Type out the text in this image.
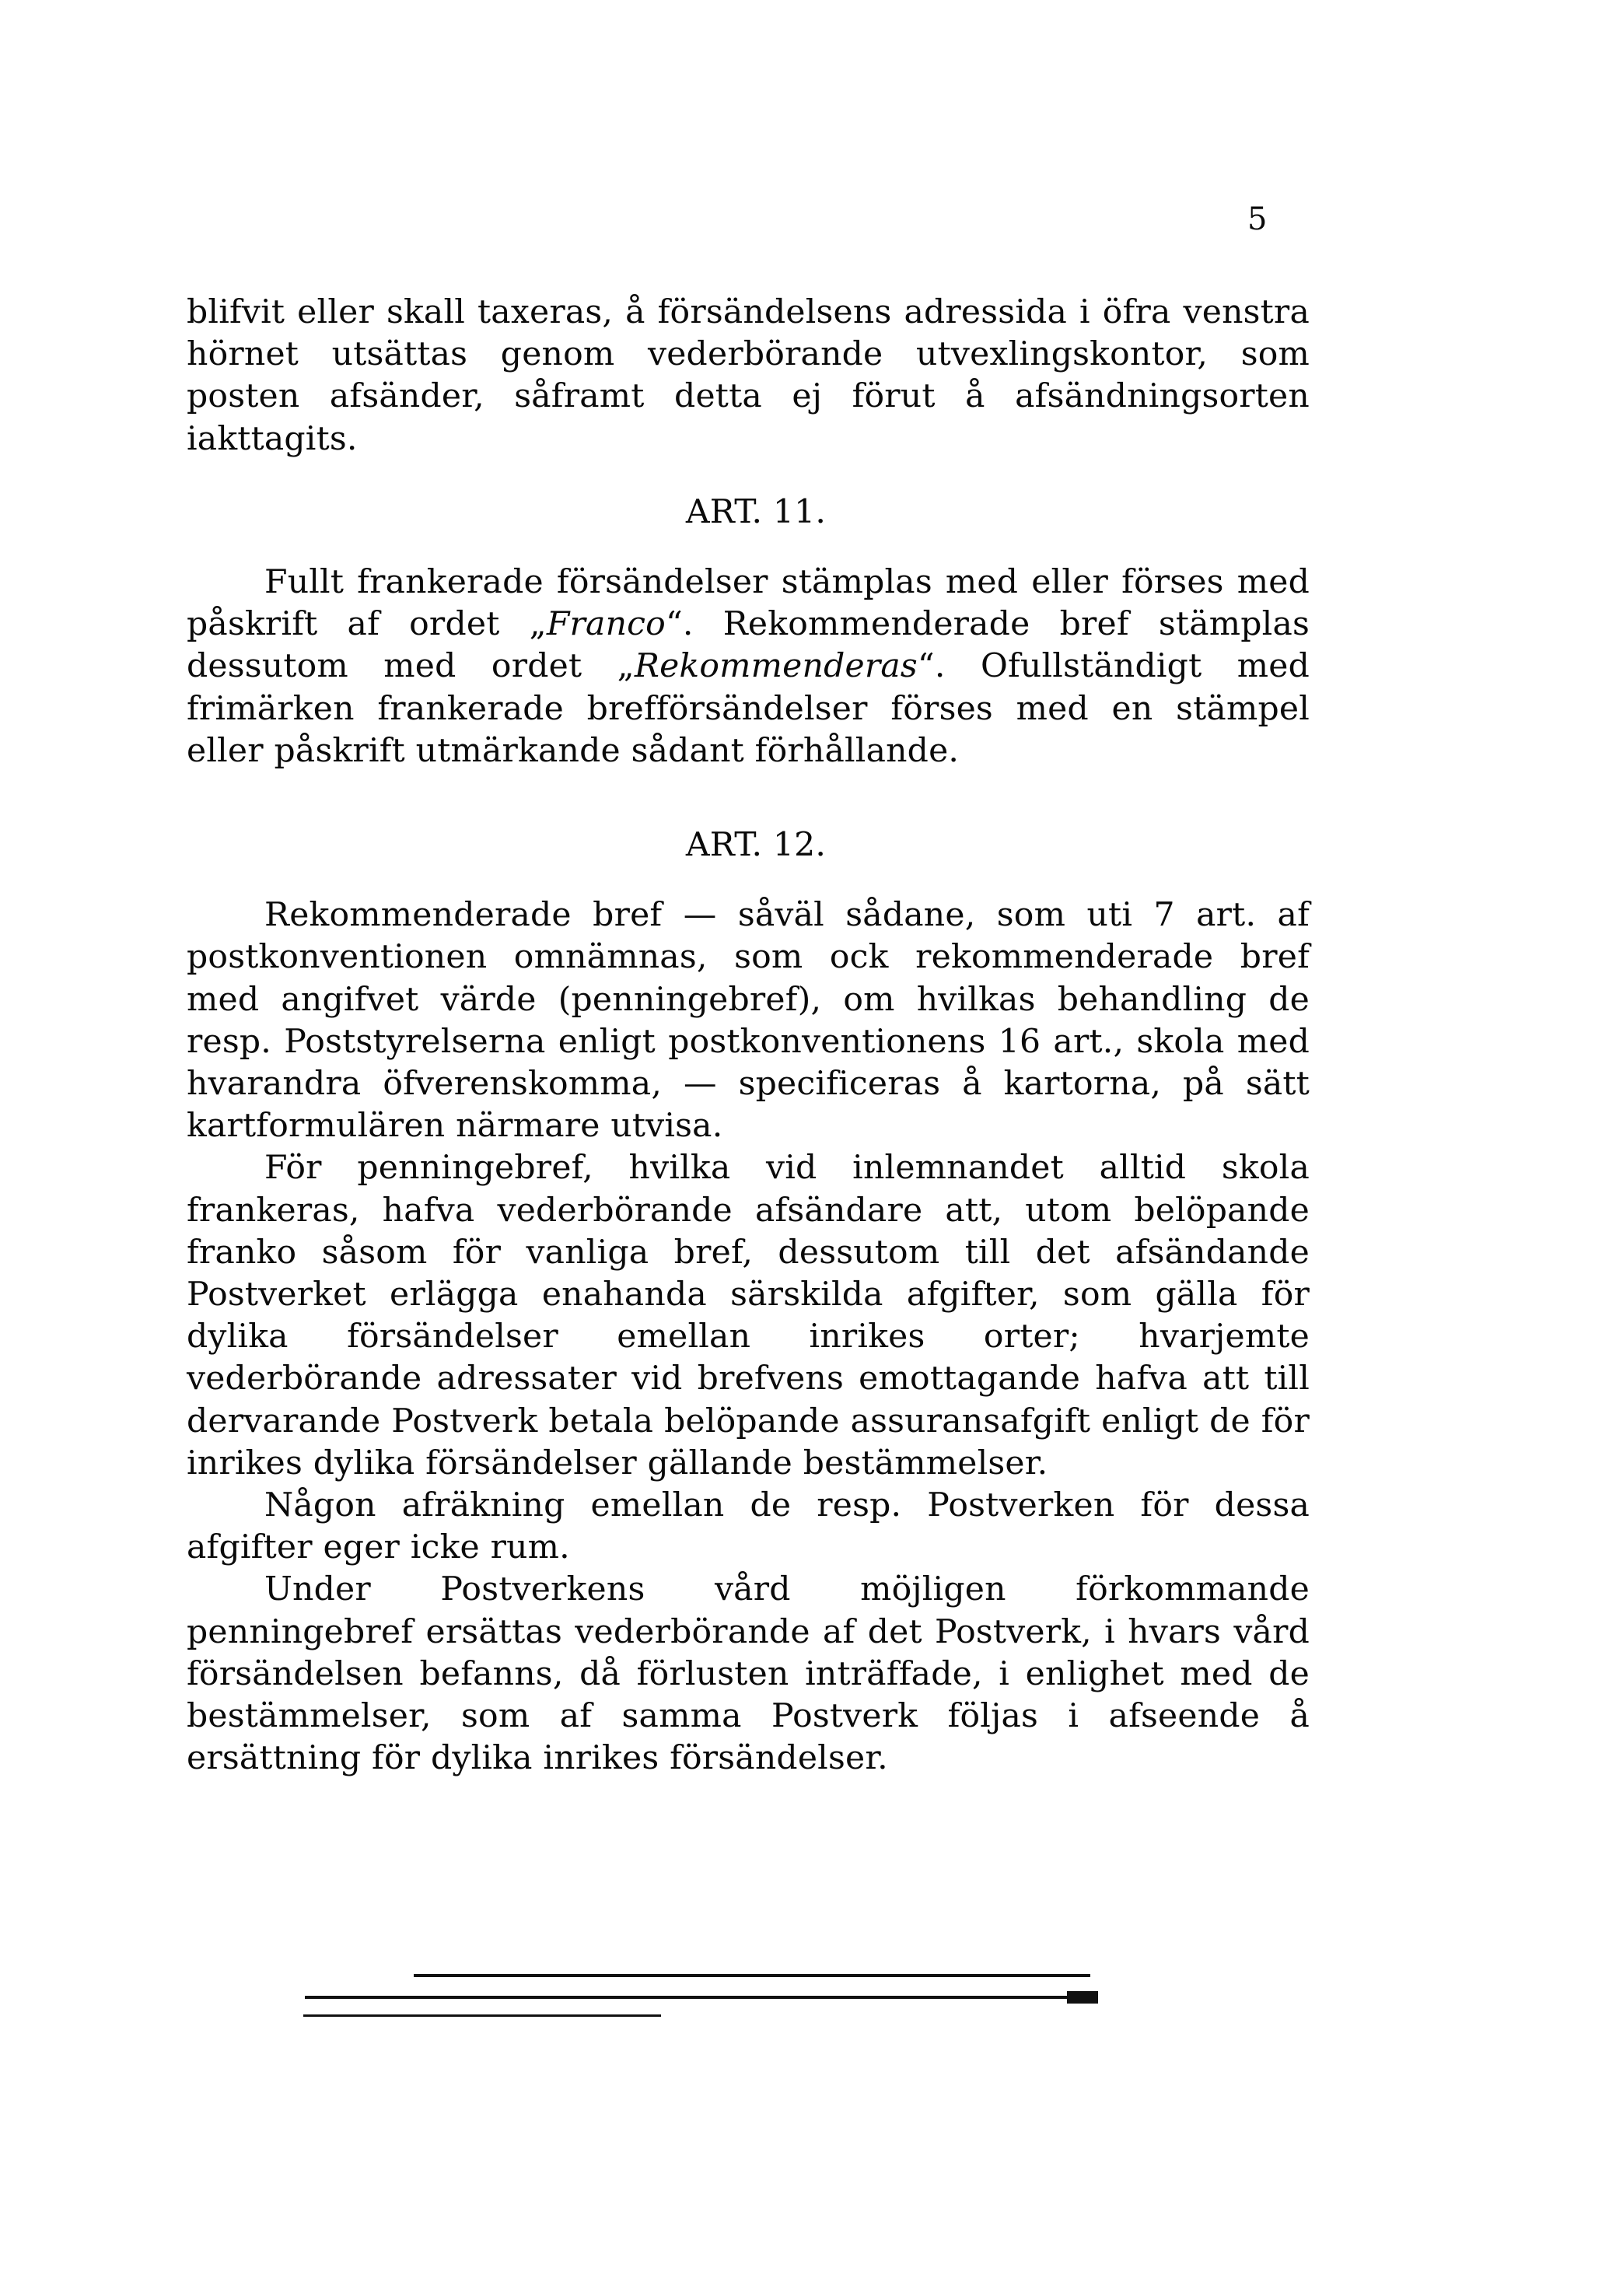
5

blifvit eller skall taxeras, å försändelsens adressida i öfra venstra hörnet utsättas genom vederbörande utvexlingskontor, som posten afsänder, såframt detta ej förut å afsändningsorten iakttagits.

ART. 11.

Fullt frankerade försändelser stämplas med eller förses med påskrift af ordet „Franco“. Rekommenderade bref stämplas dessutom med ordet „Rekommenderas“. Ofullständigt med frimärken frankerade brefförsändelser förses med en stämpel eller påskrift utmärkande sådant förhållande.

ART. 12.

Rekommenderade bref — såväl sådane, som uti 7 art. af postkonventionen omnämnas, som ock rekommenderade bref med angifvet värde (penningebref), om hvilkas behandling de resp. Poststyrelserna enligt postkonventionens 16 art., skola med hvarandra öfverenskomma, — specificeras å kartorna, på sätt kartformulären närmare utvisa.

För penningebref, hvilka vid inlemnandet alltid skola frankeras, hafva vederbörande afsändare att, utom belöpande franko såsom för vanliga bref, dessutom till det afsändande Postverket erlägga enahanda särskilda afgifter, som gälla för dylika försändelser emellan inrikes orter; hvarjemte vederbörande adressater vid brefvens emottagande hafva att till dervarande Postverk betala belöpande assuransafgift enligt de för inrikes dylika försändelser gällande bestämmelser.

Någon afräkning emellan de resp. Postverken för dessa afgifter eger icke rum.

Under Postverkens vård möjligen förkommande penningebref ersättas vederbörande af det Postverk, i hvars vård försändelsen befanns, då förlusten inträffade, i enlighet med de bestämmelser, som af samma Postverk följas i afseende å ersättning för dylika inrikes försändelser.
